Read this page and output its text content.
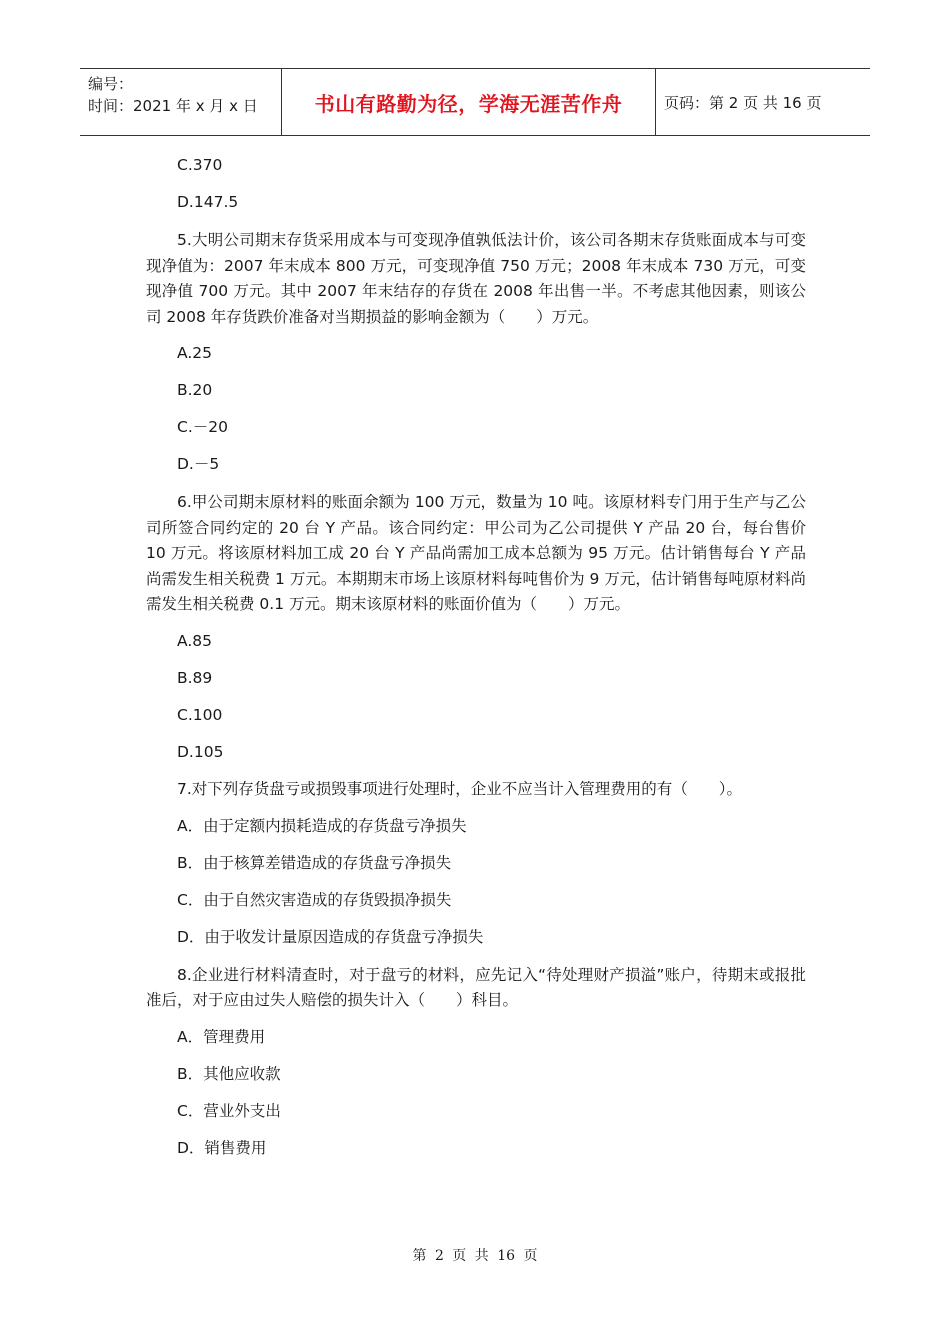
编号：
时间：2021 年 x 月 x 日	书山有路勤为径，学海无涯苦作舟	页码：第 2 页 共 16 页

C.370

D.147.5

5.大明公司期末存货采用成本与可变现净值孰低法计价，该公司各期末存货账面成本与可变现净值为：2007 年末成本 800 万元，可变现净值 750 万元；2008 年末成本 730 万元，可变现净值 700 万元。其中 2007 年末结存的存货在 2008 年出售一半。不考虑其他因素，则该公司 2008 年存货跌价准备对当期损益的影响金额为（　　）万元。

A.25

B.20

C.－20

D.－5

6.甲公司期末原材料的账面余额为 100 万元，数量为 10 吨。该原材料专门用于生产与乙公司所签合同约定的 20 台 Y 产品。该合同约定：甲公司为乙公司提供 Y 产品 20 台，每台售价 10 万元。将该原材料加工成 20 台 Y 产品尚需加工成本总额为 95 万元。估计销售每台 Y 产品尚需发生相关税费 1 万元。本期期末市场上该原材料每吨售价为 9 万元，估计销售每吨原材料尚需发生相关税费 0.1 万元。期末该原材料的账面价值为（　　）万元。

A.85

B.89

C.100

D.105

7.对下列存货盘亏或损毁事项进行处理时，企业不应当计入管理费用的有（　　）。

A．由于定额内损耗造成的存货盘亏净损失

B．由于核算差错造成的存货盘亏净损失

C．由于自然灾害造成的存货毁损净损失

D．由于收发计量原因造成的存货盘亏净损失

8.企业进行材料清查时，对于盘亏的材料，应先记入“待处理财产损溢”账户，待期末或报批准后，对于应由过失人赔偿的损失计入（　　）科目。

A．管理费用

B．其他应收款

C．营业外支出

D．销售费用

第 2 页 共 16 页
